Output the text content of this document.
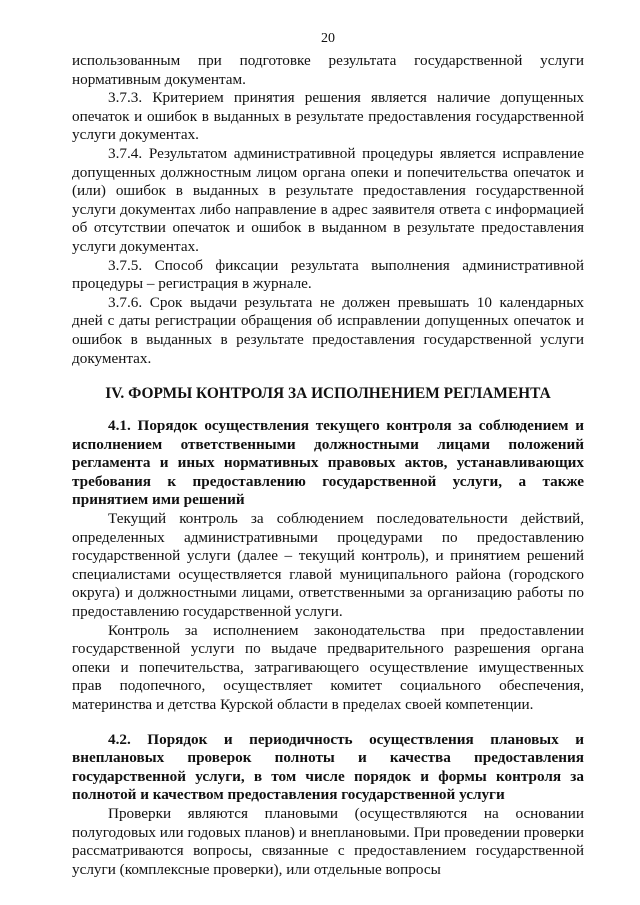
20

использованным при подготовке результата государственной услуги нормативным документам.

3.7.3. Критерием принятия решения является наличие допущенных опечаток и ошибок в выданных в результате предоставления государственной услуги документах.

3.7.4. Результатом административной процедуры является исправление допущенных должностным лицом органа опеки и попечительства опечаток и (или) ошибок в выданных в результате предоставления государственной услуги документах либо направление в адрес заявителя ответа с информацией об отсутствии опечаток и ошибок в выданном в результате предоставления услуги документах.

3.7.5. Способ фиксации результата выполнения административной процедуры – регистрация в журнале.

3.7.6. Срок выдачи результата не должен превышать 10 календарных дней с даты регистрации обращения об исправлении допущенных опечаток и ошибок в выданных в результате предоставления государственной услуги документах.

IV. ФОРМЫ КОНТРОЛЯ ЗА ИСПОЛНЕНИЕМ РЕГЛАМЕНТА

4.1. Порядок осуществления текущего контроля за соблюдением и исполнением ответственными должностными лицами положений регламента и иных нормативных правовых актов, устанавливающих требования к предоставлению государственной услуги, а также принятием ими решений

Текущий контроль за соблюдением последовательности действий, определенных административными процедурами по предоставлению государственной услуги (далее – текущий контроль), и принятием решений специалистами осуществляется главой муниципального района (городского округа) и должностными лицами, ответственными за организацию работы по предоставлению государственной услуги.

Контроль за исполнением законодательства при предоставлении государственной услуги по выдаче предварительного разрешения органа опеки и попечительства, затрагивающего осуществление имущественных прав подопечного, осуществляет комитет социального обеспечения, материнства и детства Курской области в пределах своей компетенции.

4.2. Порядок и периодичность осуществления плановых и внеплановых проверок полноты и качества предоставления государственной услуги, в том числе порядок и формы контроля за полнотой и качеством предоставления государственной услуги

Проверки являются плановыми (осуществляются на основании полугодовых или годовых планов) и внеплановыми. При проведении проверки рассматриваются вопросы, связанные с предоставлением государственной услуги (комплексные проверки), или отдельные вопросы
